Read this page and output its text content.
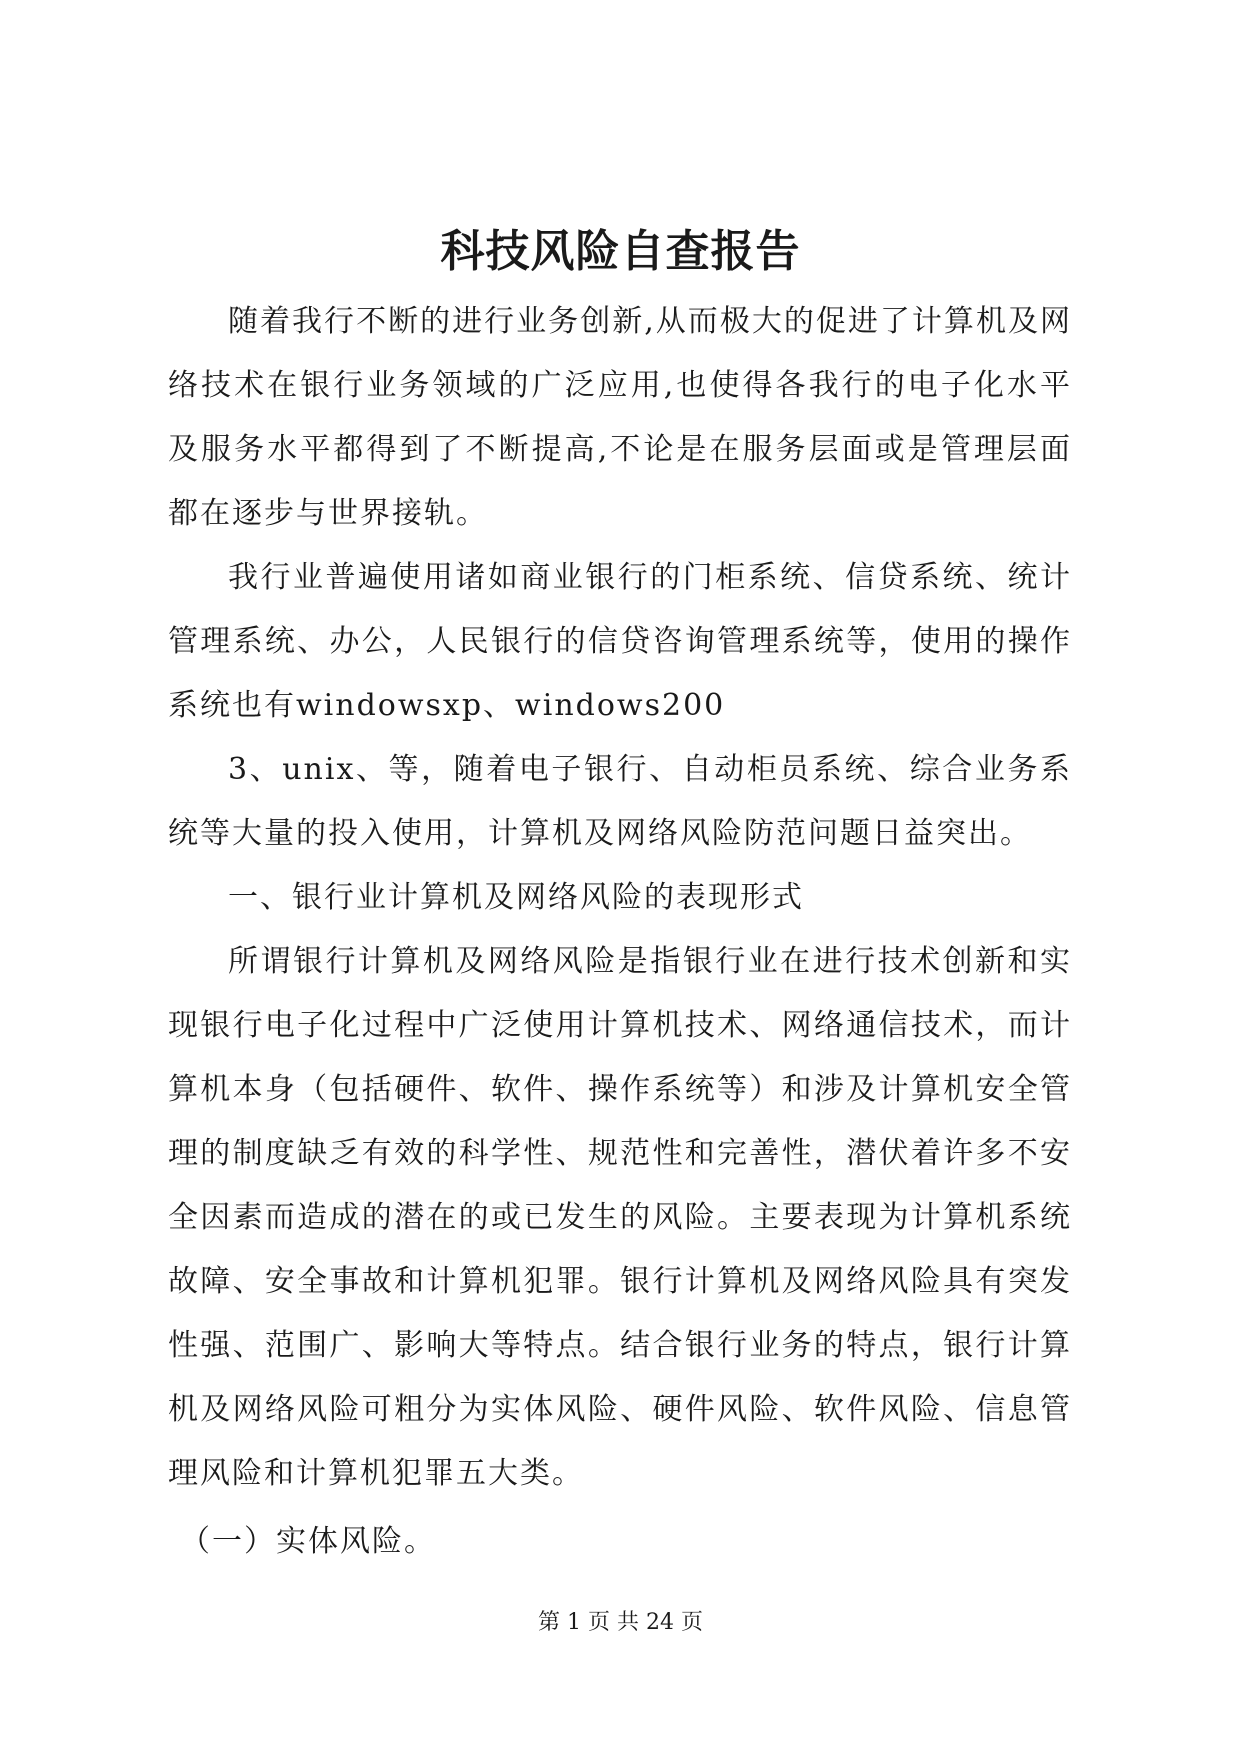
科技风险自查报告

随着我行不断的进行业务创新,从而极大的促进了计算机及网络技术在银行业务领域的广泛应用,也使得各我行的电子化水平及服务水平都得到了不断提高,不论是在服务层面或是管理层面都在逐步与世界接轨。

我行业普遍使用诸如商业银行的门柜系统、信贷系统、统计管理系统、办公，人民银行的信贷咨询管理系统等，使用的操作系统也有windowsxp、windows200

3、unix、等，随着电子银行、自动柜员系统、综合业务系统等大量的投入使用，计算机及网络风险防范问题日益突出。

一、银行业计算机及网络风险的表现形式

所谓银行计算机及网络风险是指银行业在进行技术创新和实现银行电子化过程中广泛使用计算机技术、网络通信技术，而计算机本身（包括硬件、软件、操作系统等）和涉及计算机安全管理的制度缺乏有效的科学性、规范性和完善性，潜伏着许多不安全因素而造成的潜在的或已发生的风险。主要表现为计算机系统故障、安全事故和计算机犯罪。银行计算机及网络风险具有突发性强、范围广、影响大等特点。结合银行业务的特点，银行计算机及网络风险可粗分为实体风险、硬件风险、软件风险、信息管理风险和计算机犯罪五大类。

（一）实体风险。

第 1 页 共 24 页
